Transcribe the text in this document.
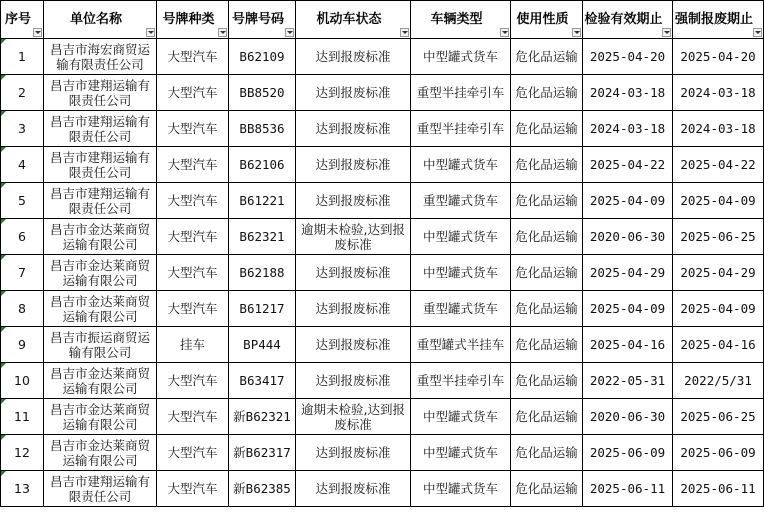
序号	单位名称	号牌种类	号牌号码	机动车状态	车辆类型	使用性质	检验有效期止	强制报废期止

1	昌吉市海宏商贸运输有限责任公司	大型汽车	B62109	达到报废标准	中型罐式货车	危化品运输	2025-04-20	2025-04-20

2	昌吉市建翔运输有限责任公司	大型汽车	BB8520	达到报废标准	重型半挂牵引车	危化品运输	2024-03-18	2024-03-18

3	昌吉市建翔运输有限责任公司	大型汽车	BB8536	达到报废标准	重型半挂牵引车	危化品运输	2024-03-18	2024-03-18

4	昌吉市建翔运输有限责任公司	大型汽车	B62106	达到报废标准	中型罐式货车	危化品运输	2025-04-22	2025-04-22

5	昌吉市建翔运输有限责任公司	大型汽车	B61221	达到报废标准	重型罐式货车	危化品运输	2025-04-09	2025-04-09

6	昌吉市金达莱商贸运输有限公司	大型汽车	B62321	逾期未检验,达到报废标准	中型罐式货车	危化品运输	2020-06-30	2025-06-25

7	昌吉市金达莱商贸运输有限公司	大型汽车	B62188	达到报废标准	中型罐式货车	危化品运输	2025-04-29	2025-04-29

8	昌吉市金达莱商贸运输有限公司	大型汽车	B61217	达到报废标准	重型罐式货车	危化品运输	2025-04-09	2025-04-09

9	昌吉市振运商贸运输有限公司	挂车	BP444	达到报废标准	重型罐式半挂车	危化品运输	2025-04-16	2025-04-16

10	昌吉市金达莱商贸运输有限公司	大型汽车	B63417	达到报废标准	重型半挂牵引车	危化品运输	2022-05-31	2022/5/31

11	昌吉市金达莱商贸运输有限公司	大型汽车	新B62321	逾期未检验,达到报废标准	中型罐式货车	危化品运输	2020-06-30	2025-06-25

12	昌吉市金达莱商贸运输有限公司	大型汽车	新B62317	达到报废标准	中型罐式货车	危化品运输	2025-06-09	2025-06-09

13	昌吉市建翔运输有限责任公司	大型汽车	新B62385	达到报废标准	中型罐式货车	危化品运输	2025-06-11	2025-06-11
